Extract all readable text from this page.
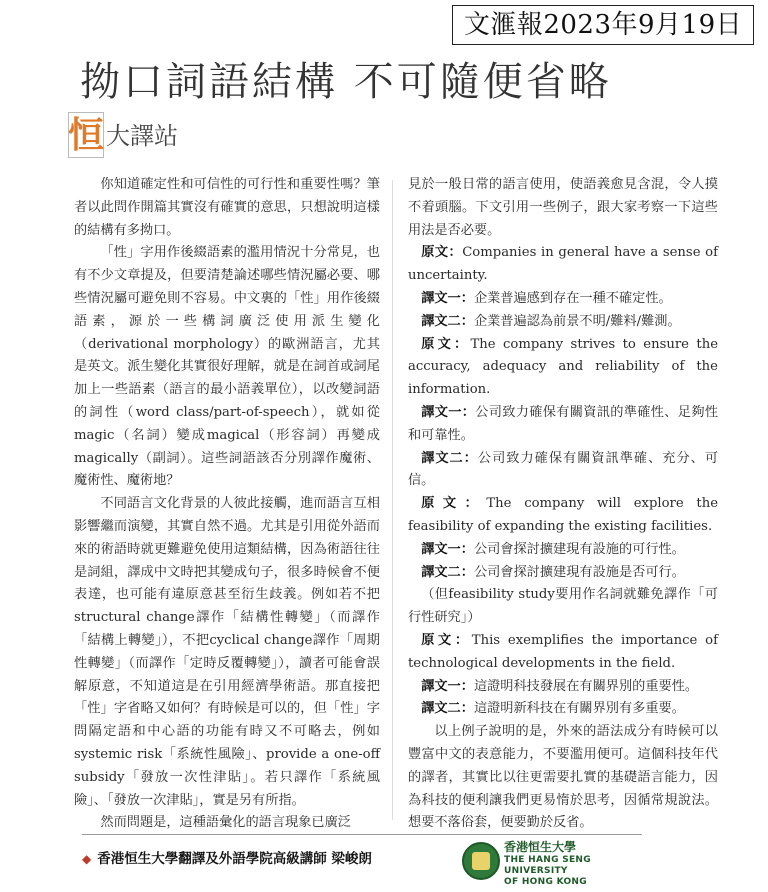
文滙報2023年9月19日
拗口詞語結構 不可隨便省略
恒 大譯站

你知道確定性和可信性的可行性和重要性嗎？筆者以此問作開篇其實沒有確實的意思，只想說明這樣的結構有多拗口。

「性」字用作後綴語素的濫用情況十分常見，也有不少文章提及，但要清楚論述哪些情況屬必要、哪些情況屬可避免則不容易。中文裏的「性」用作後綴語素，源於一些構詞廣泛使用派生變化（derivational morphology）的歐洲語言，尤其是英文。派生變化其實很好理解，就是在詞首或詞尾加上一些語素（語言的最小語義單位），以改變詞語的詞性（word class/part-of-speech），就如從magic（名詞）變成magical（形容詞）再變成magically（副詞）。這些詞語該否分別譯作魔術、魔術性、魔術地？

不同語言文化背景的人彼此接觸，進而語言互相影響繼而演變，其實自然不過。尤其是引用從外語而來的術語時就更難避免使用這類結構，因為術語往往是詞組，譯成中文時把其變成句子，很多時候會不便表達，也可能有違原意甚至衍生歧義。例如若不把structural change譯作「結構性轉變」（而譯作「結構上轉變」），不把cyclical change譯作「周期性轉變」（而譯作「定時反覆轉變」），讀者可能會誤解原意，不知道這是在引用經濟學術語。那直接把「性」字省略又如何？有時候是可以的，但「性」字問隔定語和中心語的功能有時又不可略去，例如systemic risk「系統性風險」、provide a one-off subsidy「發放一次性津貼」。若只譯作「系統風險」、「發放一次津貼」，實是另有所指。

然而問題是，這種語彙化的語言現象已廣泛

見於一般日常的語言使用，使語義愈見含混，令人摸不着頭腦。下文引用一些例子，跟大家考察一下這些用法是否必要。

原文：Companies in general have a sense of uncertainty.

譯文一：企業普遍感到存在一種不確定性。

譯文二：企業普遍認為前景不明/難料/難測。

原文：The company strives to ensure the accuracy, adequacy and reliability of the information.

譯文一：公司致力確保有關資訊的準確性、足夠性和可靠性。

譯文二：公司致力確保有關資訊準確、充分、可信。

原文：The company will explore the feasibility of expanding the existing facilities.

譯文一：公司會探討擴建現有設施的可行性。

譯文二：公司會探討擴建現有設施是否可行。

（但feasibility study要用作名詞就難免譯作「可行性研究」）

原文：This exemplifies the importance of technological developments in the field.

譯文一：這證明科技發展在有關界別的重要性。

譯文二：這證明新科技在有關界別有多重要。

以上例子說明的是，外來的語法成分有時候可以豐富中文的表意能力，不要濫用便可。這個科技年代的譯者，其實比以往更需要扎實的基礎語言能力，因為科技的便利讓我們更易惰於思考，因循常規說法。想要不落俗套，便要勤於反省。

◆ 香港恒生大學翻譯及外語學院高級講師 梁峻朗
香港恒生大學
THE HANG SENG UNIVERSITY
OF HONG KONG
